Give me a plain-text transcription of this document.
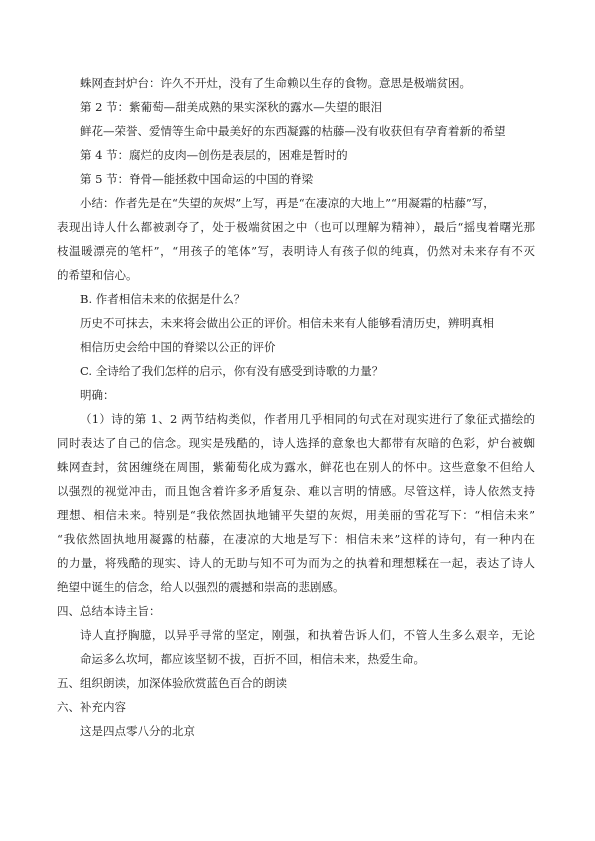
蛛网查封炉台：许久不开灶，没有了生命赖以生存的食物。意思是极端贫困。

第 2 节：紫葡萄—甜美成熟的果实深秋的露水—失望的眼泪

鲜花—荣誉、爱情等生命中最美好的东西凝露的枯藤—没有收获但有孕育着新的希望

第 4 节：腐烂的皮肉—创伤是表层的，困难是暂时的

第 5 节：脊骨—能拯救中国命运的中国的脊梁

小结：作者先是在“失望的灰烬”上写，再是“在凄凉的大地上”“用凝霜的枯藤”写，

表现出诗人什么都被剥夺了，处于极端贫困之中（也可以理解为精神），最后“摇曳着曙光那

枝温暖漂亮的笔杆”，“用孩子的笔体”写，表明诗人有孩子似的纯真，仍然对未来存有不灭

的希望和信心。

B. 作者相信未来的依据是什么？

历史不可抹去，未来将会做出公正的评价。相信未来有人能够看清历史，辨明真相

相信历史会给中国的脊梁以公正的评价

C. 全诗给了我们怎样的启示，你有没有感受到诗歌的力量？

明确：

（1）诗的第 1、2 两节结构类似，作者用几乎相同的句式在对现实进行了象征式描绘的

同时表达了自己的信念。现实是残酷的，诗人选择的意象也大都带有灰暗的色彩，炉台被蜘

蛛网查封，贫困缠绕在周围，紫葡萄化成为露水，鲜花也在别人的怀中。这些意象不但给人

以强烈的视觉冲击，而且饱含着许多矛盾复杂、难以言明的情感。尽管这样，诗人依然支持

理想、相信未来。特别是“我依然固执地铺平失望的灰烬，用美丽的雪花写下：“相信未来”

“我依然固执地用凝露的枯藤，在凄凉的大地是写下：相信未来”这样的诗句，有一种内在

的力量，将残酷的现实、诗人的无助与知不可为而为之的执着和理想糅在一起，表达了诗人

绝望中诞生的信念，给人以强烈的震撼和崇高的悲剧感。

四、总结本诗主旨：

诗人直抒胸臆，以异乎寻常的坚定，刚强，和执着告诉人们，不管人生多么艰辛，无论

命运多么坎坷，都应该坚韧不拔，百折不回，相信未来，热爱生命。

五、组织朗读，加深体验欣赏蓝色百合的朗读

六、补充内容

这是四点零八分的北京
